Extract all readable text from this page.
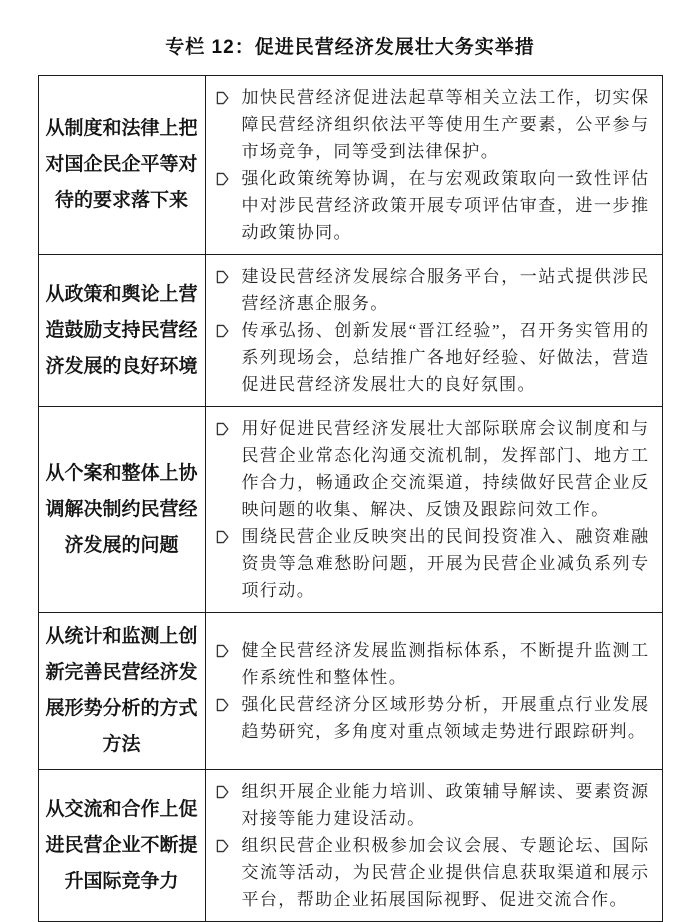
专栏 12：促进民营经济发展壮大务实举措
从制度和法律上把对国企民企平等对待的要求落下来	加快民营经济促进法起草等相关立法工作，切实保障民营经济组织依法平等使用生产要素，公平参与市场竞争，同等受到法律保护。
强化政策统筹协调，在与宏观政策取向一致性评估中对涉民营经济政策开展专项评估审查，进一步推动政策协同。

从政策和舆论上营造鼓励支持民营经济发展的良好环境	建设民营经济发展综合服务平台，一站式提供涉民营经济惠企服务。
传承弘扬、创新发展“晋江经验”，召开务实管用的系列现场会，总结推广各地好经验、好做法，营造促进民营经济发展壮大的良好氛围。

从个案和整体上协调解决制约民营经济发展的问题	用好促进民营经济发展壮大部际联席会议制度和与民营企业常态化沟通交流机制，发挥部门、地方工作合力，畅通政企交流渠道，持续做好民营企业反映问题的收集、解决、反馈及跟踪问效工作。
围绕民营企业反映突出的民间投资准入、融资难融资贵等急难愁盼问题，开展为民营企业减负系列专项行动。

从统计和监测上创新完善民营经济发展形势分析的方式方法	健全民营经济发展监测指标体系，不断提升监测工作系统性和整体性。
强化民营经济分区域形势分析，开展重点行业发展趋势研究，多角度对重点领域走势进行跟踪研判。

从交流和合作上促进民营企业不断提升国际竞争力	组织开展企业能力培训、政策辅导解读、要素资源对接等能力建设活动。
组织民营企业积极参加会议会展、专题论坛、国际交流等活动，为民营企业提供信息获取渠道和展示平台，帮助企业拓展国际视野、促进交流合作。
